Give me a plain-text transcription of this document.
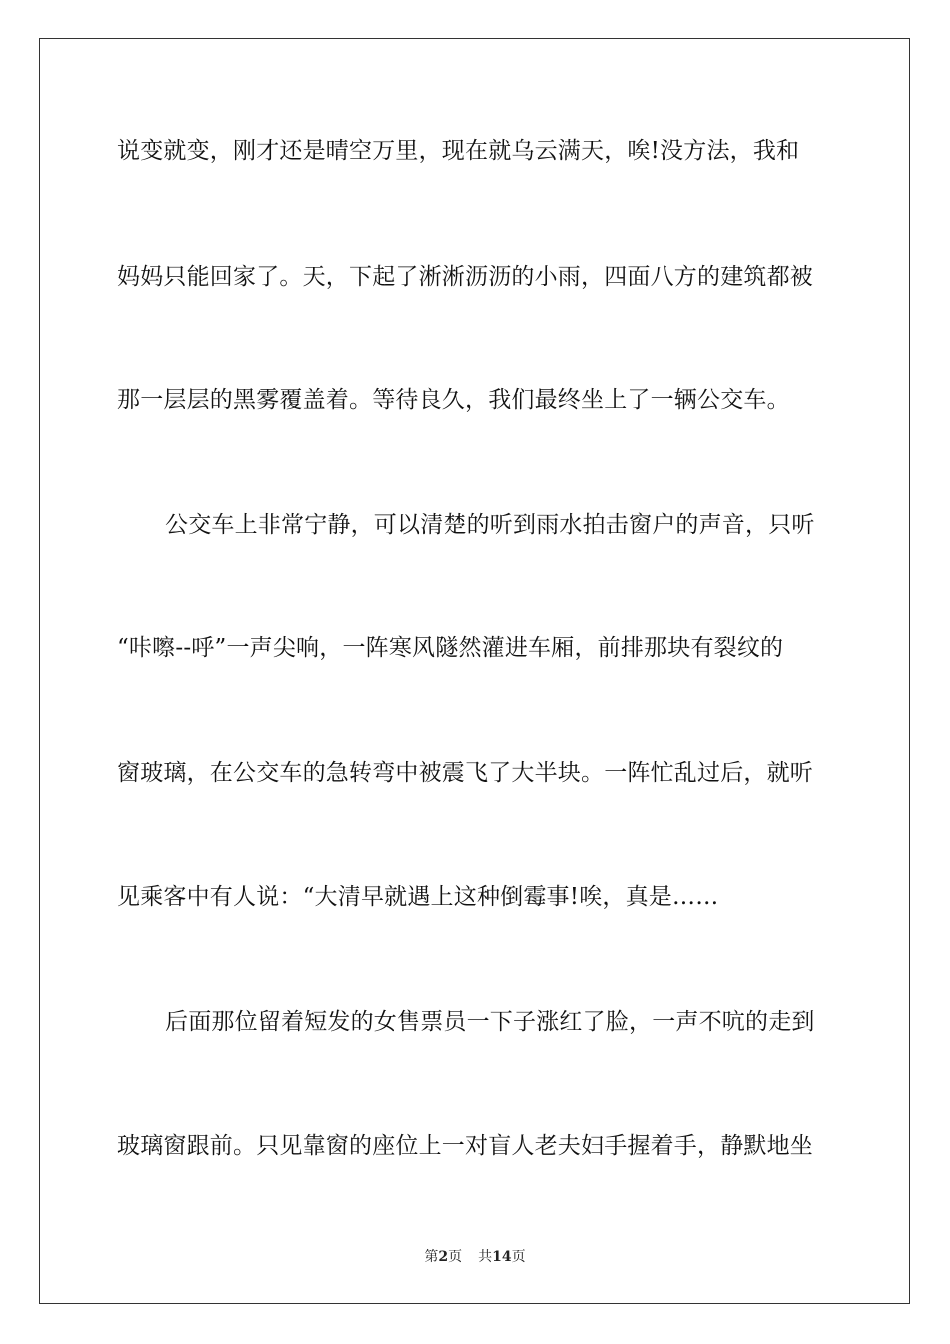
说变就变，刚才还是晴空万里，现在就乌云满天，唉!没方法，我和
妈妈只能回家了。天，下起了淅淅沥沥的小雨，四面八方的建筑都被
那一层层的黑雾覆盖着。等待良久，我们最终坐上了一辆公交车。
公交车上非常宁静，可以清楚的听到雨水拍击窗户的声音，只听
“咔嚓--呼”一声尖响，一阵寒风隧然灌进车厢，前排那块有裂纹的
窗玻璃，在公交车的急转弯中被震飞了大半块。一阵忙乱过后，就听
见乘客中有人说：“大清早就遇上这种倒霉事!唉，真是……
后面那位留着短发的女售票员一下子涨红了脸，一声不吭的走到
玻璃窗跟前。只见靠窗的座位上一对盲人老夫妇手握着手，静默地坐
第2页 共14页
